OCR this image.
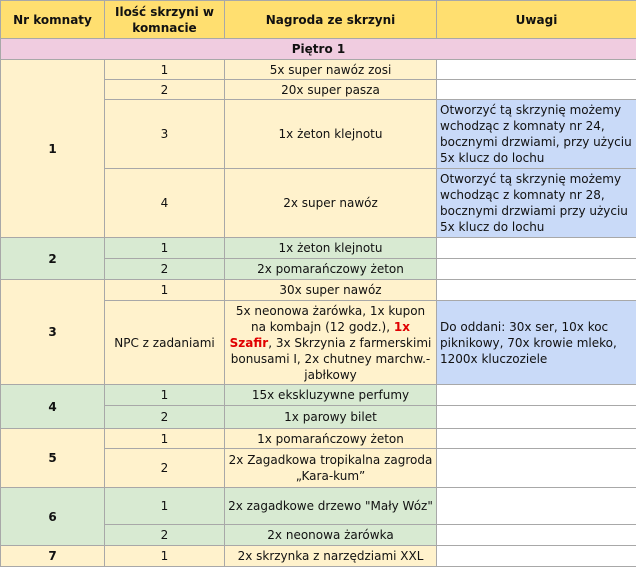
Nr komnaty	Ilość skrzyni w komnacie	Nagroda ze skrzyni	Uwagi
Piętro 1			
1	1	5x super nawóz zosi	
	2	20x super pasza	
	3	1x żeton klejnotu	Otworzyć tą skrzynię możemy wchodząc z komnaty nr 24, bocznymi drzwiami, przy użyciu 5x klucz do lochu
	4	2x super nawóz	Otworzyć tą skrzynię możemy wchodząc z komnaty nr 28, bocznymi drzwiami przy użyciu 5x klucz do lochu
2	1	1x żeton klejnotu	
	2	2x pomarańczowy żeton	
3	1	30x super nawóz	
	NPC z zadaniami	5x neonowa żarówka, 1x kupon na kombajn (12 godz.), 1x Szafir, 3x Skrzynia z farmerskimi bonusami I, 2x chutney marchw.-jabłkowy	Do oddani: 30x ser, 10x koc piknikowy, 70x krowie mleko, 1200x kluczoziele
4	1	15x ekskluzywne perfumy	
	2	1x parowy bilet	
5	1	1x pomarańczowy żeton	
	2	2x Zagadkowa tropikalna zagroda „Kara-kum”	
6	1	2x zagadkowe drzewo "Mały Wóz"	
	2	2x neonowa żarówka	
7	1	2x skrzynka z narzędziami XXL	
